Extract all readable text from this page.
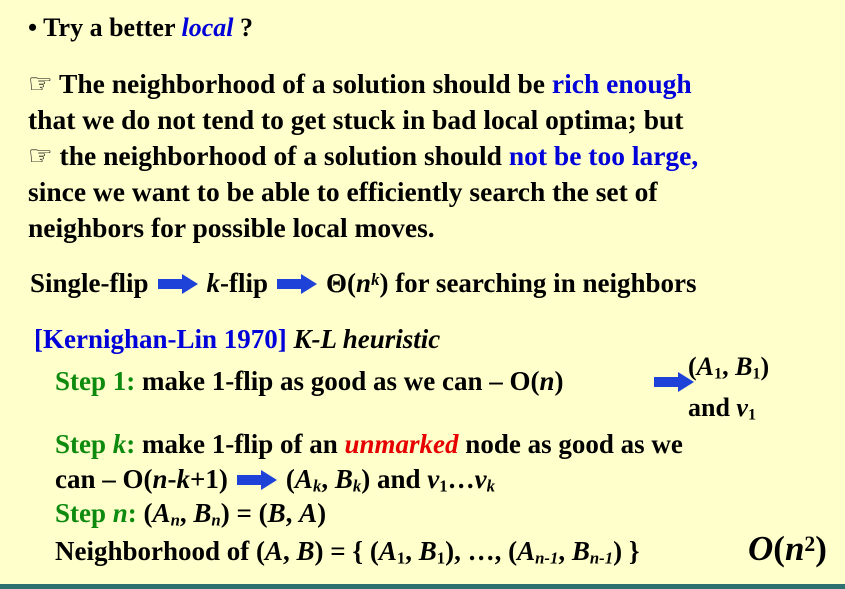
• Try a better local ?
☞ The neighborhood of a solution should be rich enough
that we do not tend to get stuck in bad local optima; but
☞ the neighborhood of a solution should not be too large,
since we want to be able to efficiently search the set of
neighbors for possible local moves.
Single-flip k-flip $\Theta(n^k)$ for searching in neighbors
[Kernighan-Lin 1970] K-L heuristic
Step 1: make 1-flip as good as we can – O(n)	($A_1$, $B_1$)
and $v_1$
Step k: make 1-flip of an unmarked node as good as we
can – O(n-k+1) (Ak, Bk) and $v_1\dots vk$
Step n: (An, Bn) = (B, A)
Neighborhood of (A, B) = { ($A_1$, $B_1$), …, (An-1, Bn-1) }	$O(n^2)$
